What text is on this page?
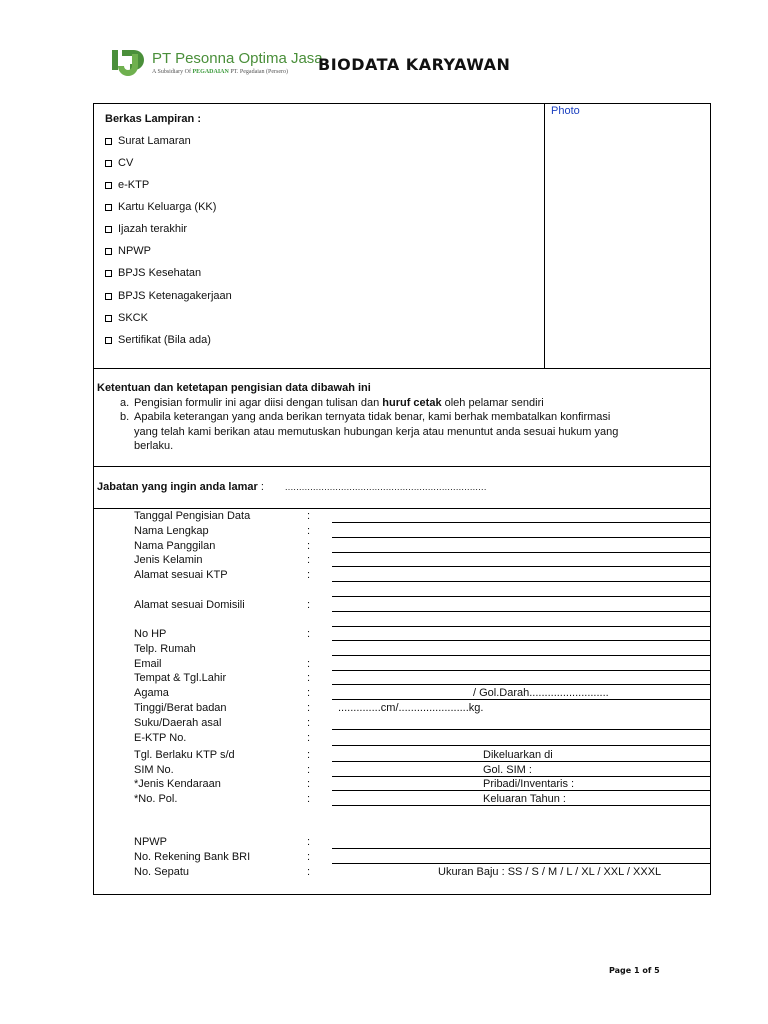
PT Pesonna Optima Jasa
A Subsidiary Of PEGADAIAN PT. Pegadaian (Persero) BIODATA KARYAWAN
Photo
Berkas Lampiran :
Surat Lamaran
CV
e-KTP
Kartu Keluarga (KK)
Ijazah terakhir
NPWP
BPJS Kesehatan
BPJS Ketenagakerjaan
SKCK
Sertifikat (Bila ada)
Ketentuan dan ketetapan pengisian data dibawah ini
a. Pengisian formulir ini agar diisi dengan tulisan dan huruf cetak oleh pelamar sendiri
b. Apabila keterangan yang anda berikan ternyata tidak benar, kami berhak membatalkan konfirmasi
yang telah kami berikan atau memutuskan hubungan kerja atau menuntut anda sesuai hukum yang
berlaku.
Jabatan yang ingin anda lamar : ........................................................................
Tanggal Pengisian Data	:
Nama Lengkap	:
Nama Panggilan	:
Jenis Kelamin	:
Alamat sesuai KTP	:
Alamat sesuai Domisili	:
No HP	:
Telp. Rumah
Email	:
Tempat & Tgl.Lahir	:
Agama	:	/ Gol.Darah..........................
Tinggi/Berat badan	:	..............cm/.......................kg.
Suku/Daerah asal	:
E-KTP No.	:
Tgl. Berlaku KTP s/d	:	Dikeluarkan di
SIM No.	:	Gol. SIM :
*Jenis Kendaraan	:	Pribadi/Inventaris :
*No. Pol.	:	Keluaran Tahun :
NPWP	:
No. Rekening Bank BRI	:
No. Sepatu	:	Ukuran Baju : SS / S / M / L / XL / XXL / XXXL
Page 1 of 5
